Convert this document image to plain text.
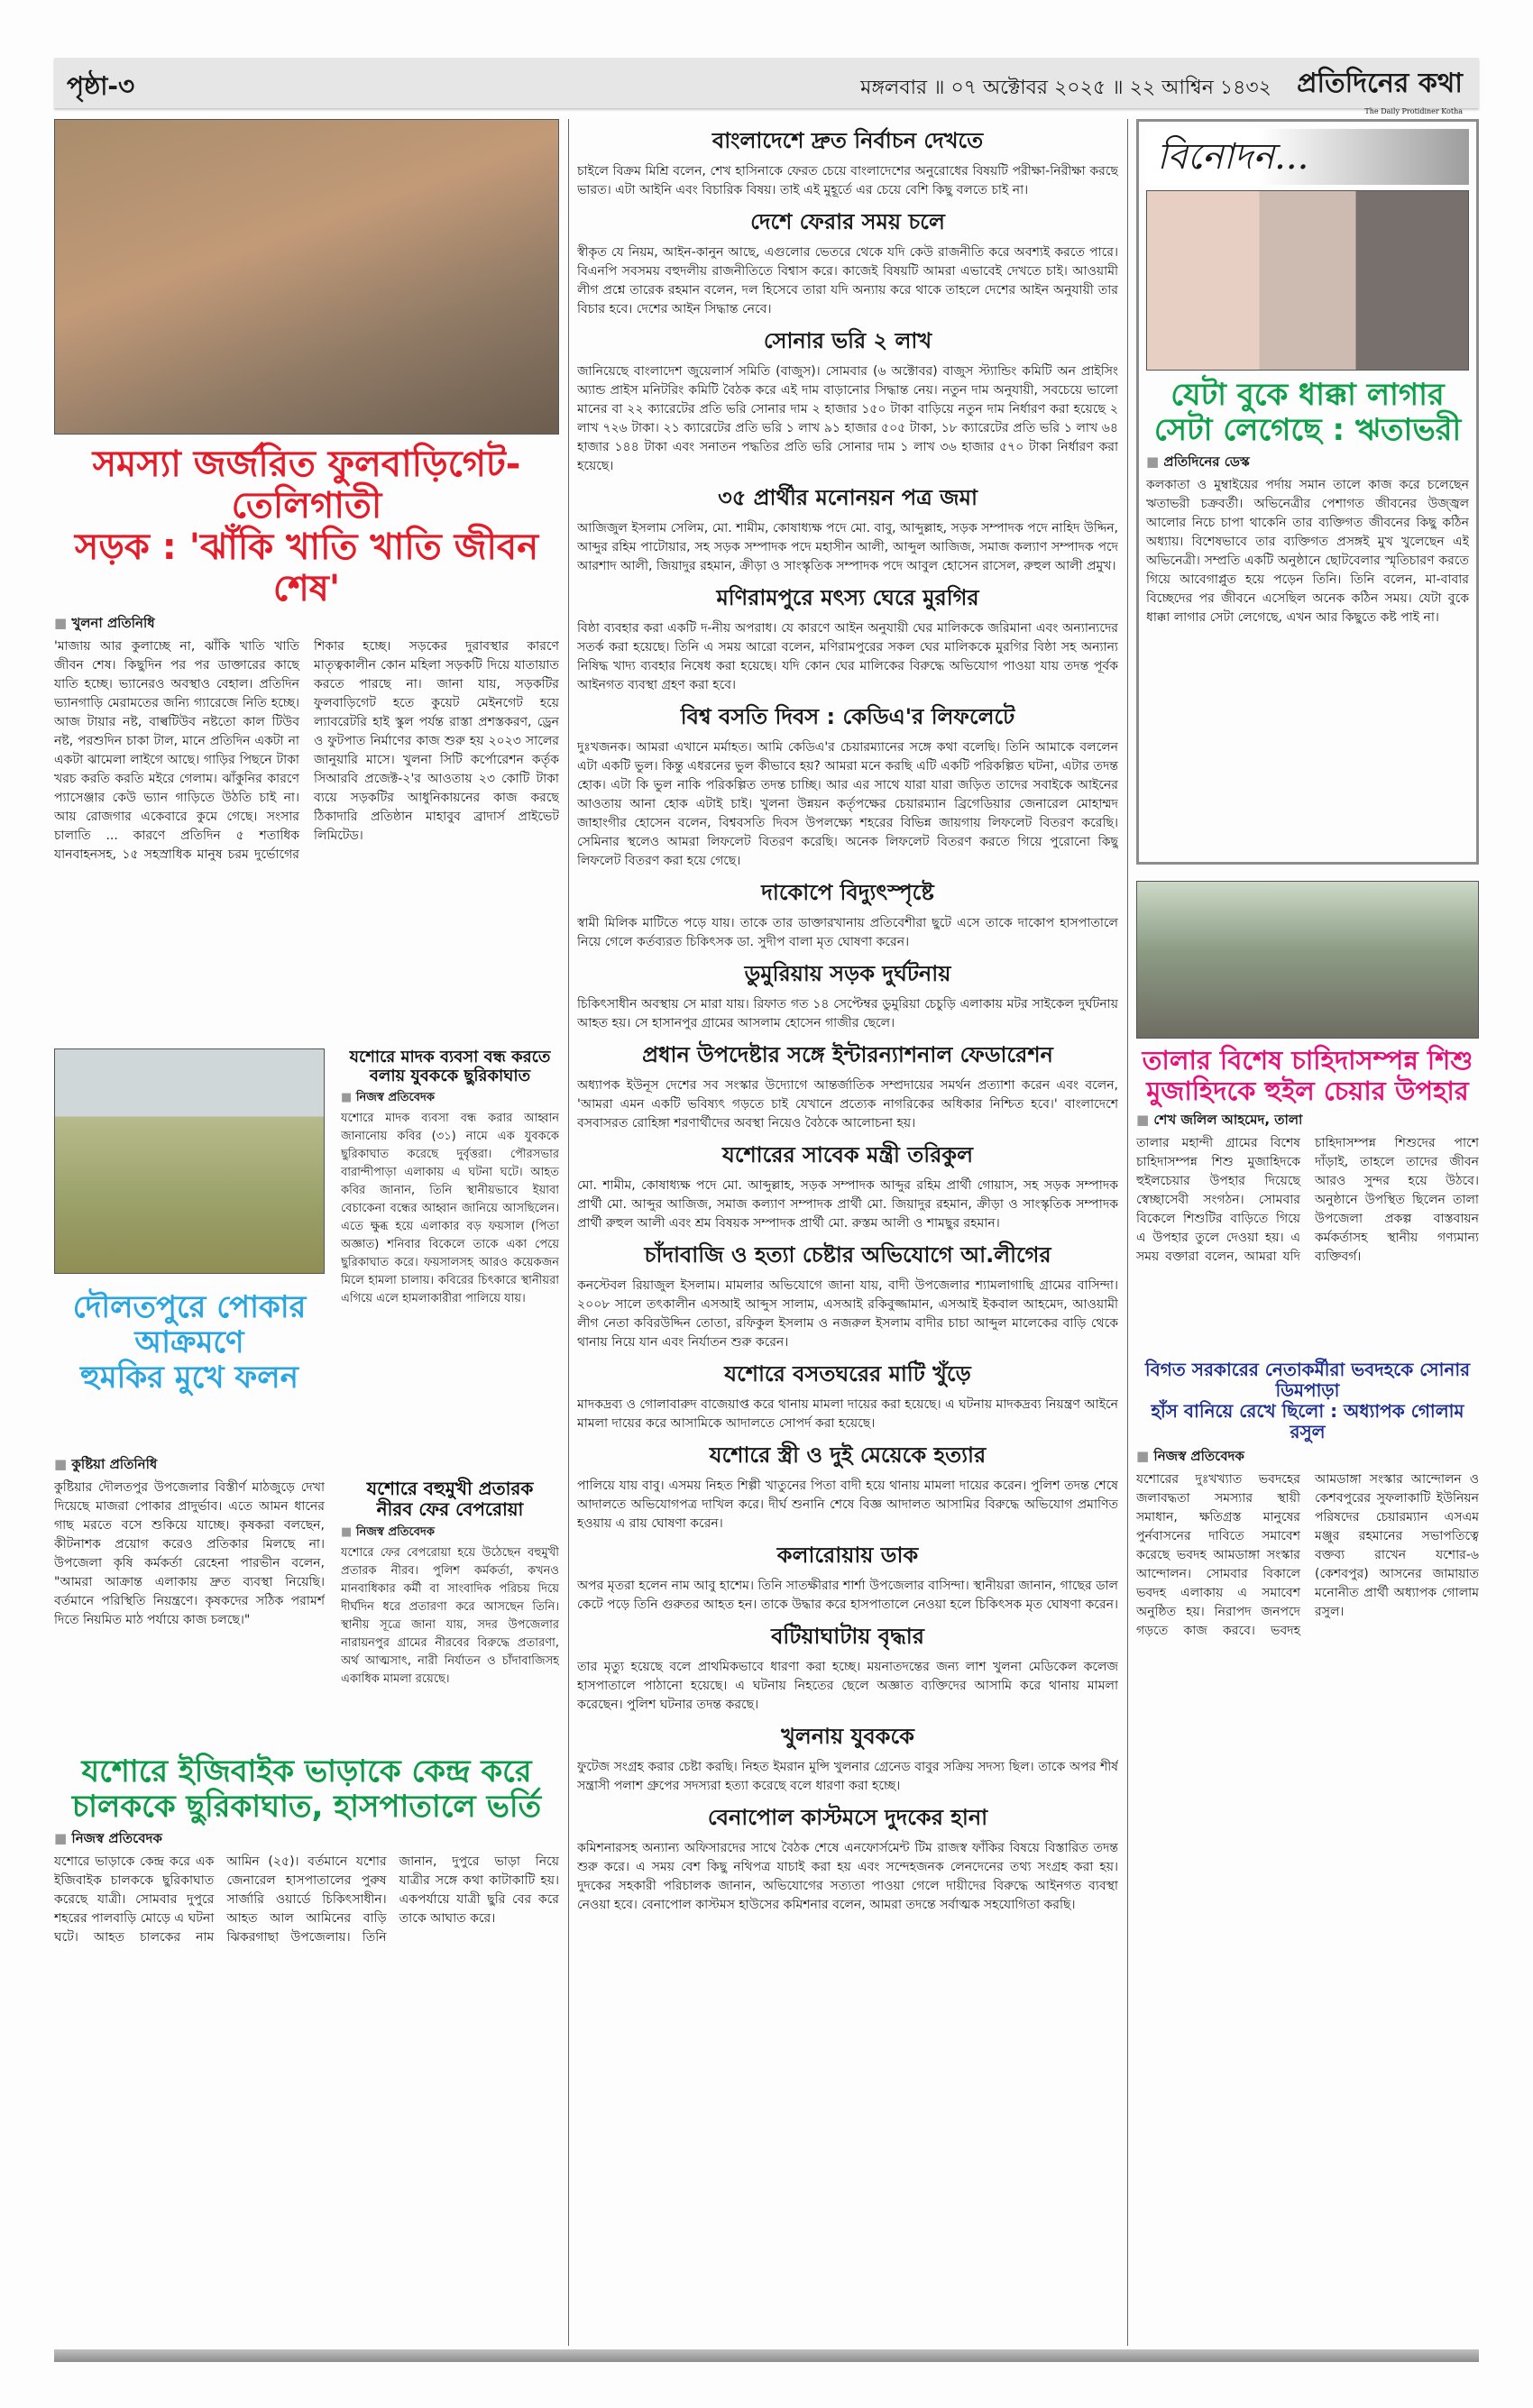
পৃষ্ঠা-৩	মঙ্গলবার ॥ ০৭ অক্টোবর ২০২৫ ॥ ২২ আশ্বিন ১৪৩২ প্রতিদিনের কথা
The Daily Protidiner Kotha
সমস্যা জর্জরিত ফুলবাড়িগেট-তেলিগাতী
সড়ক : 'ঝাঁকি খাতি খাতি জীবন শেষ'
■ খুলনা প্রতিনিধি
'মাজায় আর কুলাচ্ছে না, ঝাঁকি খাতি খাতি জীবন শেষ। কিছুদিন পর পর ডাক্তারের কাছে যাতি হচ্ছে। ভ্যানেরও অবস্থাও বেহাল। প্রতিদিন ভ্যানগাড়ি মেরামতের জন্যি গ্যারেজে নিতি হচ্ছে। আজ টায়ার নষ্ট, বাল্বটিউব নষ্টতো কাল টিউব নষ্ট, পরশুদিন চাকা টাল, মানে প্রতিদিন একটা না একটা ঝামেলা লাইগে আছে। গাড়ির পিছনে টাকা খরচ করতি করতি মইরে গেলাম। ঝাঁকুনির কারণে প্যাসেঞ্জার কেউ ভ্যান গাড়িতে উঠতি চাই না। আয় রোজগার একেবারে কুমে গেছে। সংসার চালাতি ... কারণে প্রতিদিন ৫ শতাধিক যানবাহনসহ, ১৫ সহস্রাধিক মানুষ চরম দুর্ভোগের শিকার হচ্ছে। সড়কের দুরাবস্থার কারণে মাতৃত্বকালীন কোন মহিলা সড়কটি দিয়ে যাতায়াত করতে পারছে না। জানা যায়, সড়কটির ফুলবাড়িগেট হতে কুয়েট মেইনগেট হয়ে ল্যাবরেটরি হাই স্কুল পর্যন্ত রাস্তা প্রশস্তকরণ, ড্রেন ও ফুটপাত নির্মাণের কাজ শুরু হয় ২০২৩ সালের জানুয়ারি মাসে। খুলনা সিটি কর্পোরেশন কর্তৃক সিআরবি প্রজেক্ট-২'র আওতায় ২৩ কোটি টাকা ব্যয়ে সড়কটির আধুনিকায়নের কাজ করছে ঠিকাদারি প্রতিষ্ঠান মাহাবুব ব্রাদার্স প্রাইভেট লিমিটেড।
যশোরে মাদক ব্যবসা বন্ধ করতে
বলায় যুবককে ছুরিকাঘাত
■ নিজস্ব প্রতিবেদক
যশোরে মাদক ব্যবসা বন্ধ করার আহ্বান জানানোয় কবির (৩১) নামে এক যুবককে ছুরিকাঘাত করেছে দুর্বৃত্তরা। পৌরসভার বারান্দীপাড়া এলাকায় এ ঘটনা ঘটে। আহত কবির জানান, তিনি স্থানীয়ভাবে ইয়াবা বেচাকেনা বন্ধের আহ্বান জানিয়ে আসছিলেন। এতে ক্ষুব্ধ হয়ে এলাকার বড় ফয়সাল (পিতা অজ্ঞাত) শনিবার বিকেলে তাকে একা পেয়ে ছুরিকাঘাত করে। ফয়সালসহ আরও কয়েকজন মিলে হামলা চালায়। কবিরের চিৎকারে স্থানীয়রা এগিয়ে এলে হামলাকারীরা পালিয়ে যায়।
দৌলতপুরে পোকার আক্রমণে
হুমকির মুখে ফলন
■ কুষ্টিয়া প্রতিনিধি
কুষ্টিয়ার দৌলতপুর উপজেলার বিস্তীর্ণ মাঠজুড়ে দেখা দিয়েছে মাজরা পোকার প্রাদুর্ভাব। এতে আমন ধানের গাছ মরতে বসে শুকিয়ে যাচ্ছে। কৃষকরা বলছেন, কীটনাশক প্রয়োগ করেও প্রতিকার মিলছে না। উপজেলা কৃষি কর্মকর্তা রেহেনা পারভীন বলেন, "আমরা আক্রান্ত এলাকায় দ্রুত ব্যবস্থা নিয়েছি। বর্তমানে পরিস্থিতি নিয়ন্ত্রণে। কৃষকদের সঠিক পরামর্শ দিতে নিয়মিত মাঠ পর্যায়ে কাজ চলছে।"
যশোরে বহুমুখী প্রতারক
নীরব ফের বেপরোয়া
■ নিজস্ব প্রতিবেদক
যশোরে ফের বেপরোয়া হয়ে উঠেছেন বহুমুখী প্রতারক নীরব। পুলিশ কর্মকর্তা, কখনও মানবাধিকার কর্মী বা সাংবাদিক পরিচয় দিয়ে দীর্ঘদিন ধরে প্রতারণা করে আসছেন তিনি। স্থানীয় সূত্রে জানা যায়, সদর উপজেলার নারায়নপুর গ্রামের নীরবের বিরুদ্ধে প্রতারণা, অর্থ আত্মসাৎ, নারী নির্যাতন ও চাঁদাবাজিসহ একাধিক মামলা রয়েছে।
যশোরে ইজিবাইক ভাড়াকে কেন্দ্র করে
চালককে ছুরিকাঘাত, হাসপাতালে ভর্তি
■ নিজস্ব প্রতিবেদক
যশোরে ভাড়াকে কেন্দ্র করে এক ইজিবাইক চালককে ছুরিকাঘাত করেছে যাত্রী। সোমবার দুপুরে শহরের পালবাড়ি মোড়ে এ ঘটনা ঘটে। আহত চালকের নাম আমিন (২৫)। বর্তমানে যশোর জেনারেল হাসপাতালের পুরুষ সার্জারি ওয়ার্ডে চিকিৎসাধীন। আহত আল আমিনের বাড়ি ঝিকরগাছা উপজেলায়। তিনি জানান, দুপুরে ভাড়া নিয়ে যাত্রীর সঙ্গে কথা কাটাকাটি হয়। একপর্যায়ে যাত্রী ছুরি বের করে তাকে আঘাত করে।
বাংলাদেশে দ্রুত নির্বাচন দেখতে
চাইলে বিক্রম মিশ্রি বলেন, শেখ হাসিনাকে ফেরত চেয়ে বাংলাদেশের অনুরোধের বিষয়টি পরীক্ষা-নিরীক্ষা করছে ভারত। এটা আইনি এবং বিচারিক বিষয়। তাই এই মুহূর্তে এর চেয়ে বেশি কিছু বলতে চাই না।
দেশে ফেরার সময় চলে
স্বীকৃত যে নিয়ম, আইন-কানুন আছে, এগুলোর ভেতরে থেকে যদি কেউ রাজনীতি করে অবশ্যই করতে পারে। বিএনপি সবসময় বহুদলীয় রাজনীতিতে বিশ্বাস করে। কাজেই বিষয়টি আমরা এভাবেই দেখতে চাই। আওয়ামী লীগ প্রশ্নে তারেক রহমান বলেন, দল হিসেবে তারা যদি অন্যায় করে থাকে তাহলে দেশের আইন অনুযায়ী তার বিচার হবে। দেশের আইন সিদ্ধান্ত নেবে।
সোনার ভরি ২ লাখ
জানিয়েছে বাংলাদেশ জুয়েলার্স সমিতি (বাজুস)। সোমবার (৬ অক্টোবর) বাজুস স্ট্যান্ডিং কমিটি অন প্রাইসিং অ্যান্ড প্রাইস মনিটরিং কমিটি বৈঠক করে এই দাম বাড়ানোর সিদ্ধান্ত নেয়। নতুন দাম অনুযায়ী, সবচেয়ে ভালো মানের বা ২২ ক্যারেটের প্রতি ভরি সোনার দাম ২ হাজার ১৫০ টাকা বাড়িয়ে নতুন দাম নির্ধারণ করা হয়েছে ২ লাখ ৭২৬ টাকা। ২১ ক্যারেটের প্রতি ভরি ১ লাখ ৯১ হাজার ৫০৫ টাকা, ১৮ ক্যারেটের প্রতি ভরি ১ লাখ ৬৪ হাজার ১৪৪ টাকা এবং সনাতন পদ্ধতির প্রতি ভরি সোনার দাম ১ লাখ ৩৬ হাজার ৫৭০ টাকা নির্ধারণ করা হয়েছে।
৩৫ প্রার্থীর মনোনয়ন পত্র জমা
আজিজুল ইসলাম সেলিম, মো. শামীম, কোষাধ্যক্ষ পদে মো. বাবু, আব্দুল্লাহ, সড়ক সম্পাদক পদে নাহিদ উদ্দিন, আব্দুর রহিম পাটোয়ার, সহ সড়ক সম্পাদক পদে মহাসীন আলী, আব্দুল আজিজ, সমাজ কল্যাণ সম্পাদক পদে আরশাদ আলী, জিয়াদুর রহমান, ক্রীড়া ও সাংস্কৃতিক সম্পাদক পদে আবুল হোসেন রাসেল, রুহুল আলী প্রমুখ।
মণিরামপুরে মৎস্য ঘেরে মুরগির
বিষ্ঠা ব্যবহার করা একটি দ-নীয় অপরাধ। যে কারণে আইন অনুযায়ী ঘের মালিককে জরিমানা এবং অন্যান্যদের সতর্ক করা হয়েছে। তিনি এ সময় আরো বলেন, মণিরামপুরের সকল ঘের মালিককে মুরগির বিষ্ঠা সহ অন্যান্য নিষিদ্ধ খাদ্য ব্যবহার নিষেধ করা হয়েছে। যদি কোন ঘের মালিকের বিরুদ্ধে অভিযোগ পাওয়া যায় তদন্ত পূর্বক আইনগত ব্যবস্থা গ্রহণ করা হবে।
বিশ্ব বসতি দিবস : কেডিএ'র লিফলেটে
দুঃখজনক। আমরা এখানে মর্মাহত। আমি কেডিএ'র চেয়ারম্যানের সঙ্গে কথা বলেছি। তিনি আমাকে বললেন এটা একটি ভুল। কিন্তু এধরনের ভুল কীভাবে হয়? আমরা মনে করছি এটি একটি পরিকল্পিত ঘটনা, এটার তদন্ত হোক। এটা কি ভুল নাকি পরিকল্পিত তদন্ত চাচ্ছি। আর এর সাথে যারা যারা জড়িত তাদের সবাইকে আইনের আওতায় আনা হোক এটাই চাই। খুলনা উন্নয়ন কর্তৃপক্ষের চেয়ারম্যান ব্রিগেডিয়ার জেনারেল মোহাম্মদ জাহাংগীর হোসেন বলেন, বিশ্ববসতি দিবস উপলক্ষ্যে শহরের বিভিন্ন জায়গায় লিফলেট বিতরণ করেছি। সেমিনার স্থলেও আমরা লিফলেট বিতরণ করেছি। অনেক লিফলেট বিতরণ করতে গিয়ে পুরোনো কিছু লিফলেট বিতরণ করা হয়ে গেছে।
দাকোপে বিদ্যুৎস্পৃষ্টে
স্বামী মিলিক মাটিতে পড়ে যায়। তাকে তার ডাক্তারখানায় প্রতিবেশীরা ছুটে এসে তাকে দাকোপ হাসপাতালে নিয়ে গেলে কর্তব্যরত চিকিৎসক ডা. সুদীপ বালা মৃত ঘোষণা করেন।
ডুমুরিয়ায় সড়ক দুর্ঘটনায়
চিকিৎসাধীন অবস্থায় সে মারা যায়। রিফাত গত ১৪ সেপ্টেম্বর ডুমুরিয়া চেচুড়ি এলাকায় মটর সাইকেল দুর্ঘটনায় আহত হয়। সে হাসানপুর গ্রামের আসলাম হোসেন গাজীর ছেলে।
প্রধান উপদেষ্টার সঙ্গে ইন্টারন্যাশনাল ফেডারেশন
অধ্যাপক ইউনূস দেশের সব সংস্কার উদ্যোগে আন্তর্জাতিক সম্প্রদায়ের সমর্থন প্রত্যাশা করেন এবং বলেন, 'আমরা এমন একটি ভবিষ্যৎ গড়তে চাই যেখানে প্রত্যেক নাগরিকের অধিকার নিশ্চিত হবে।' বাংলাদেশে বসবাসরত রোহিঙ্গা শরণার্থীদের অবস্থা নিয়েও বৈঠকে আলোচনা হয়।
যশোরের সাবেক মন্ত্রী তরিকুল
মো. শামীম, কোষাধ্যক্ষ পদে মো. আব্দুল্লাহ, সড়ক সম্পাদক আব্দুর রহিম প্রার্থী গোয়াস, সহ সড়ক সম্পাদক প্রার্থী মো. আব্দুর আজিজ, সমাজ কল্যাণ সম্পাদক প্রার্থী মো. জিয়াদুর রহমান, ক্রীড়া ও সাংস্কৃতিক সম্পাদক প্রার্থী রুহুল আলী এবং শ্রম বিষয়ক সম্পাদক প্রার্থী মো. রুস্তম আলী ও শামছুর রহমান।
চাঁদাবাজি ও হত্যা চেষ্টার অভিযোগে আ.লীগের
কনস্টেবল রিয়াজুল ইসলাম। মামলার অভিযোগে জানা যায়, বাদী উপজেলার শ্যামলাগাছি গ্রামের বাসিন্দা। ২০০৮ সালে তৎকালীন এসআই আব্দুস সালাম, এসআই রকিবুজ্জামান, এসআই ইকবাল আহমেদ, আওয়ামী লীগ নেতা কবিরউদ্দিন তোতা, রফিকুল ইসলাম ও নজরুল ইসলাম বাদীর চাচা আব্দুল মালেকের বাড়ি থেকে থানায় নিয়ে যান এবং নির্যাতন শুরু করেন।
যশোরে বসতঘরের মাটি খুঁড়ে
মাদকদ্রব্য ও গোলাবারুদ বাজেয়াপ্ত করে থানায় মামলা দায়ের করা হয়েছে। এ ঘটনায় মাদকদ্রব্য নিয়ন্ত্রণ আইনে মামলা দায়ের করে আসামিকে আদালতে সোপর্দ করা হয়েছে।
যশোরে স্ত্রী ও দুই মেয়েকে হত্যার
পালিয়ে যায় বাবু। এসময় নিহত শিল্পী খাতুনের পিতা বাদী হয়ে থানায় মামলা দায়ের করেন। পুলিশ তদন্ত শেষে আদালতে অভিযোগপত্র দাখিল করে। দীর্ঘ শুনানি শেষে বিজ্ঞ আদালত আসামির বিরুদ্ধে অভিযোগ প্রমাণিত হওয়ায় এ রায় ঘোষণা করেন।
কলারোয়ায় ডাক
অপর মৃতরা হলেন নাম আবু হাশেম। তিনি সাতক্ষীরার শার্শা উপজেলার বাসিন্দা। স্থানীয়রা জানান, গাছের ডাল কেটে পড়ে তিনি গুরুতর আহত হন। তাকে উদ্ধার করে হাসপাতালে নেওয়া হলে চিকিৎসক মৃত ঘোষণা করেন।
বটিয়াঘাটায় বৃদ্ধার
তার মৃত্যু হয়েছে বলে প্রাথমিকভাবে ধারণা করা হচ্ছে। ময়নাতদন্তের জন্য লাশ খুলনা মেডিকেল কলেজ হাসপাতালে পাঠানো হয়েছে। এ ঘটনায় নিহতের ছেলে অজ্ঞাত ব্যক্তিদের আসামি করে থানায় মামলা করেছেন। পুলিশ ঘটনার তদন্ত করছে।
খুলনায় যুবককে
ফুটেজ সংগ্রহ করার চেষ্টা করছি। নিহত ইমরান মুন্সি খুলনার গ্রেনেড বাবুর সক্রিয় সদস্য ছিল। তাকে অপর শীর্ষ সন্ত্রাসী পলাশ গ্রুপের সদস্যরা হত্যা করেছে বলে ধারণা করা হচ্ছে।
বেনাপোল কাস্টমসে দুদকের হানা
কমিশনারসহ অন্যান্য অফিসারদের সাথে বৈঠক শেষে এনফোর্সমেন্ট টিম রাজস্ব ফাঁকির বিষয়ে বিস্তারিত তদন্ত শুরু করে। এ সময় বেশ কিছু নথিপত্র যাচাই করা হয় এবং সন্দেহজনক লেনদেনের তথ্য সংগ্রহ করা হয়। দুদকের সহকারী পরিচালক জানান, অভিযোগের সত্যতা পাওয়া গেলে দায়ীদের বিরুদ্ধে আইনগত ব্যবস্থা নেওয়া হবে। বেনাপোল কাস্টমস হাউসের কমিশনার বলেন, আমরা তদন্তে সর্বাত্মক সহযোগিতা করছি।
বিনোদন...
যেটা বুকে ধাক্কা লাগার
সেটা লেগেছে : ঋতাভরী
■ প্রতিদিনের ডেস্ক
কলকাতা ও মুম্বাইয়ের পর্দায় সমান তালে কাজ করে চলেছেন ঋতাভরী চক্রবর্তী। অভিনেত্রীর পেশাগত জীবনের উজ্জ্বল আলোর নিচে চাপা থাকেনি তার ব্যক্তিগত জীবনের কিছু কঠিন অধ্যায়। বিশেষভাবে তার ব্যক্তিগত প্রসঙ্গই মুখ খুলেছেন এই অভিনেত্রী। সম্প্রতি একটি অনুষ্ঠানে ছোটবেলার স্মৃতিচারণ করতে গিয়ে আবেগাপ্লুত হয়ে পড়েন তিনি। তিনি বলেন, মা-বাবার বিচ্ছেদের পর জীবনে এসেছিল অনেক কঠিন সময়। যেটা বুকে ধাক্কা লাগার সেটা লেগেছে, এখন আর কিছুতে কষ্ট পাই না।
তালার বিশেষ চাহিদাসম্পন্ন শিশু
মুজাহিদকে হুইল চেয়ার উপহার
■ শেখ জলিল আহমেদ, তালা
তালার মহান্দী গ্রামের বিশেষ চাহিদাসম্পন্ন শিশু মুজাহিদকে হুইলচেয়ার উপহার দিয়েছে স্বেচ্ছাসেবী সংগঠন। সোমবার বিকেলে শিশুটির বাড়িতে গিয়ে এ উপহার তুলে দেওয়া হয়। এ সময় বক্তারা বলেন, আমরা যদি চাহিদাসম্পন্ন শিশুদের পাশে দাঁড়াই, তাহলে তাদের জীবন আরও সুন্দর হয়ে উঠবে। অনুষ্ঠানে উপস্থিত ছিলেন তালা উপজেলা প্রকল্প বাস্তবায়ন কর্মকর্তাসহ স্থানীয় গণ্যমান্য ব্যক্তিবর্গ।
বিগত সরকারের নেতাকর্মীরা ভবদহকে সোনার ডিমপাড়া
হাঁস বানিয়ে রেখে ছিলো : অধ্যাপক গোলাম রসুল
■ নিজস্ব প্রতিবেদক
যশোরের দুঃখখ্যাত ভবদহের জলাবদ্ধতা সমস্যার স্থায়ী সমাধান, ক্ষতিগ্রস্ত মানুষের পুর্নবাসনের দাবিতে সমাবেশ করেছে ভবদহ আমডাঙ্গা সংস্কার আন্দোলন। সোমবার বিকালে ভবদহ এলাকায় এ সমাবেশ অনুষ্ঠিত হয়। নিরাপদ জনপদে গড়তে কাজ করবে। ভবদহ আমডাঙ্গা সংস্কার আন্দোলন ও কেশবপুরের সুফলাকাটি ইউনিয়ন পরিষদের চেয়ারম্যান এসএম মঞ্জুর রহমানের সভাপতিত্বে বক্তব্য রাখেন যশোর-৬ (কেশবপুর) আসনের জামায়াত মনোনীত প্রার্থী অধ্যাপক গোলাম রসুল।
